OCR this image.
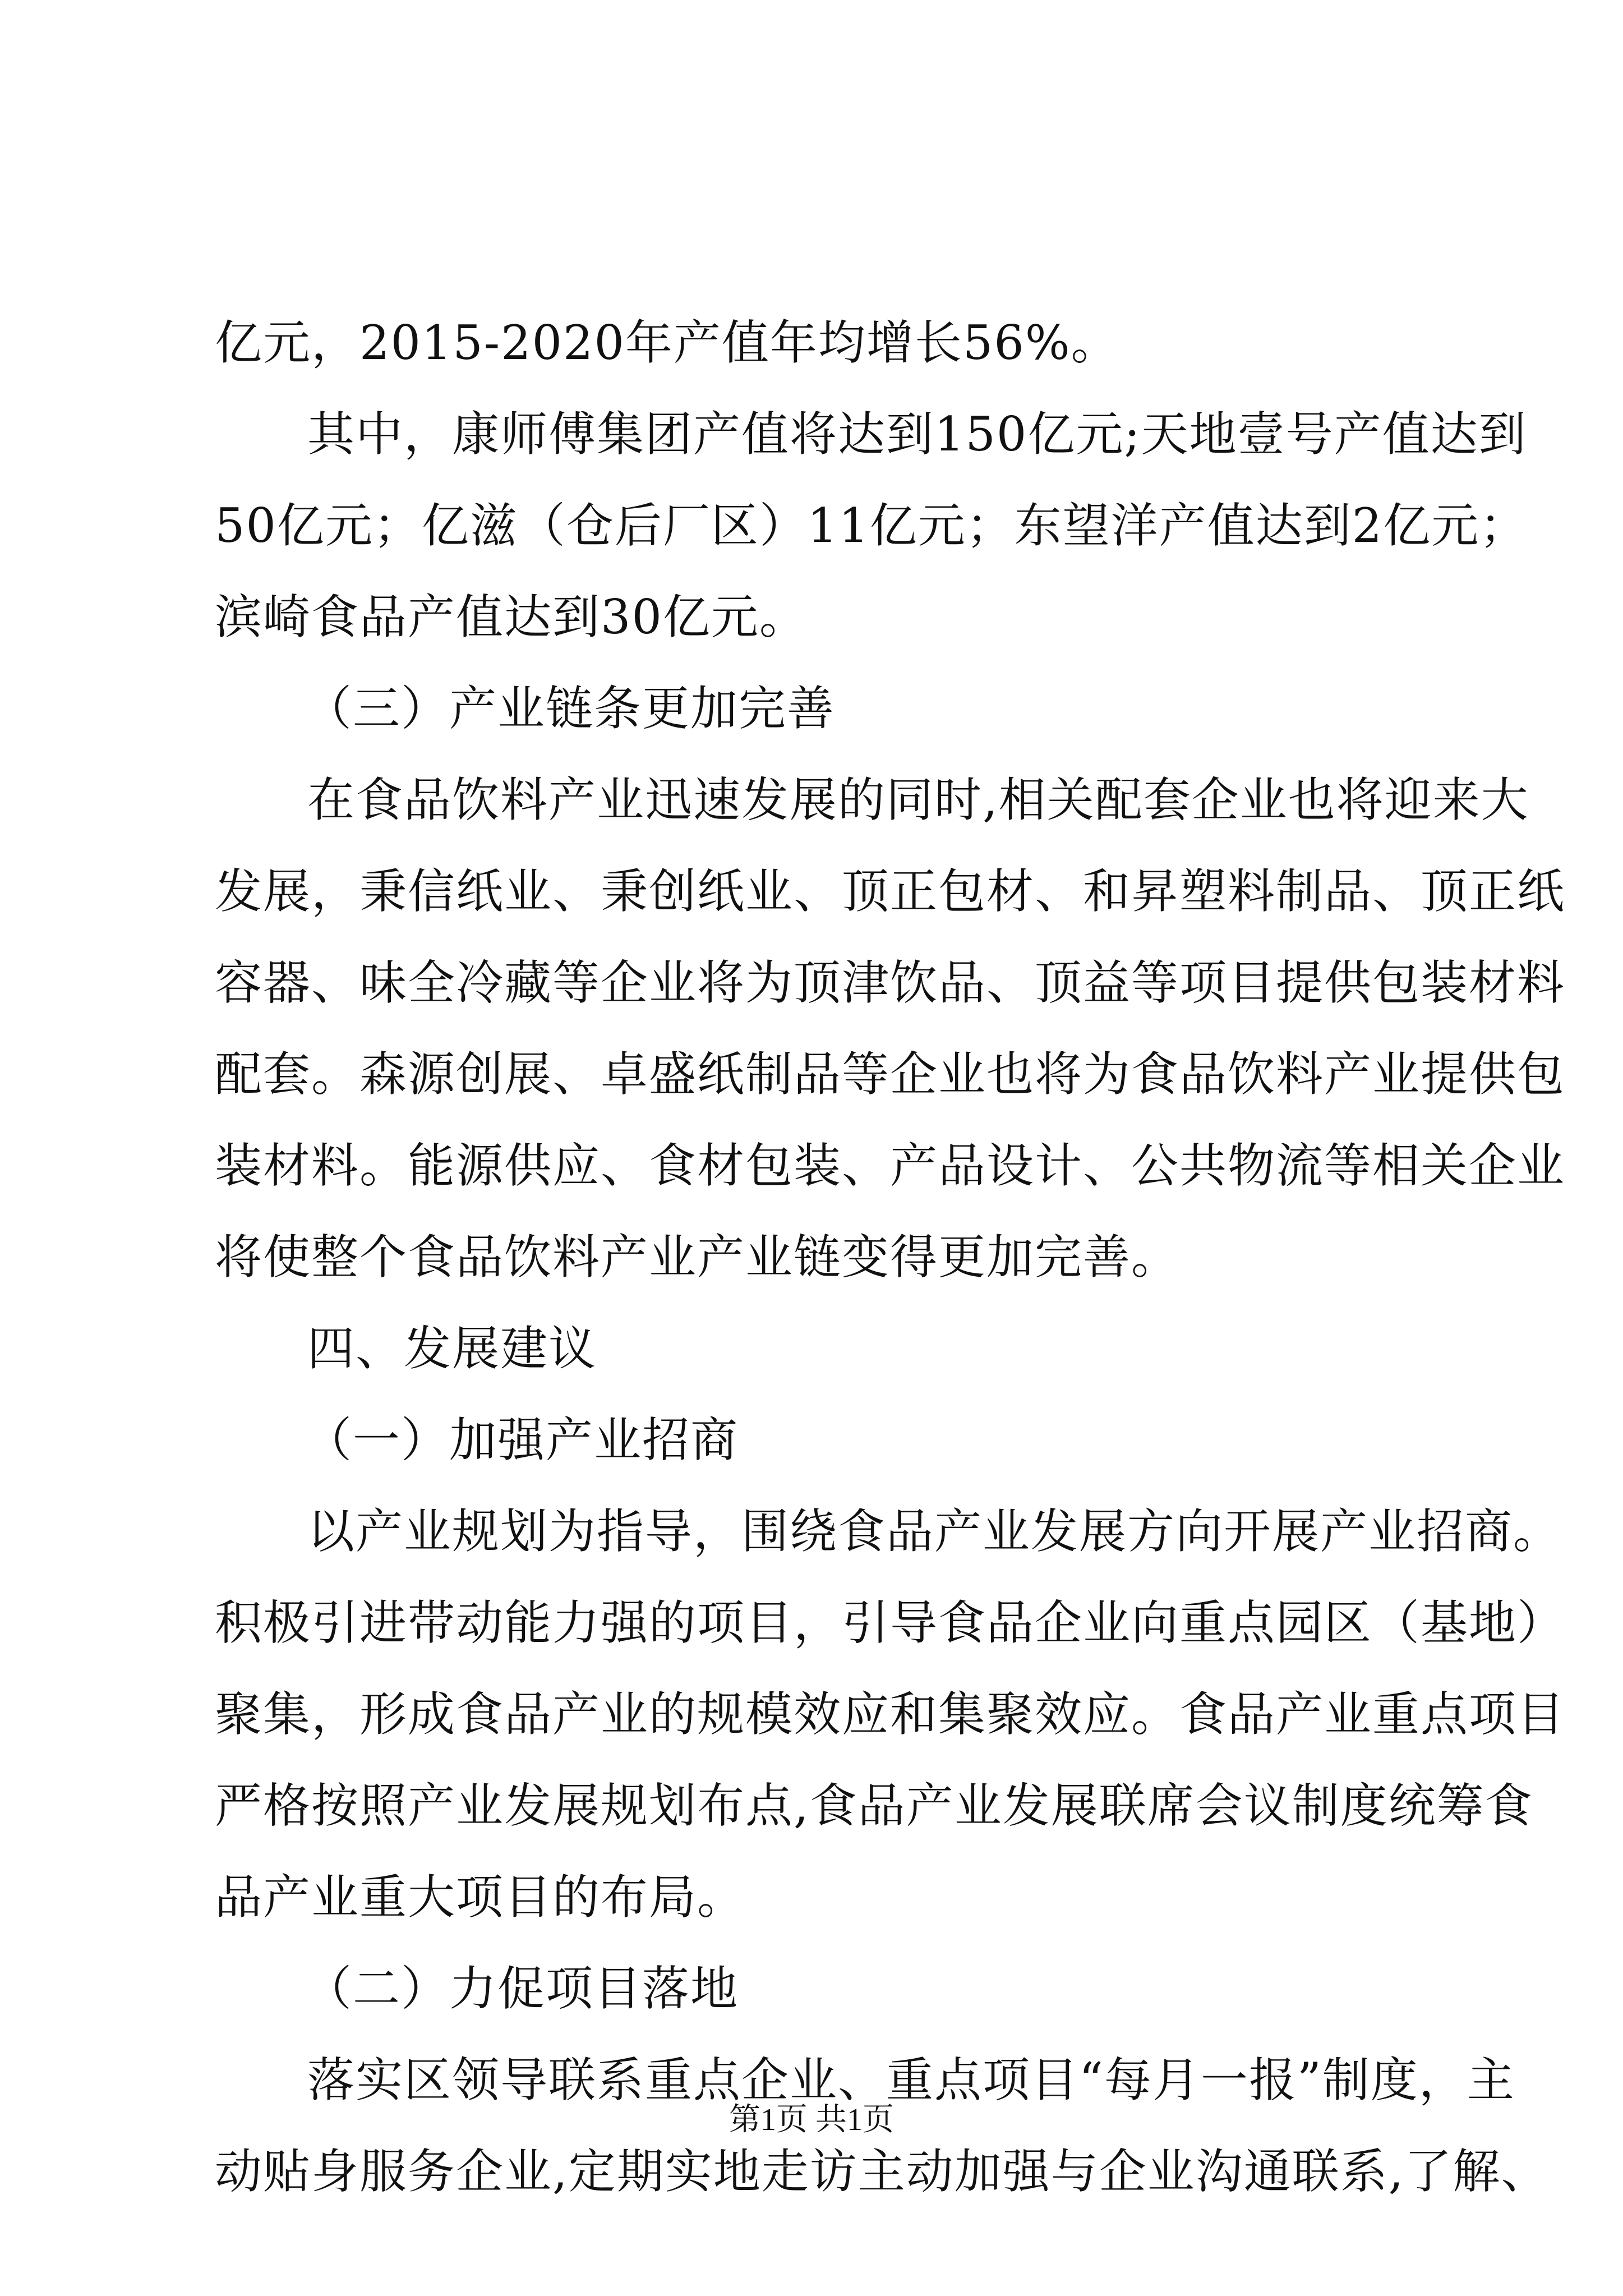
亿元，2015-2020年产值年均增长56%。
其中，康师傅集团产值将达到150亿元;天地壹号产值达到
50亿元；亿滋（仓后厂区）11亿元；东望洋产值达到2亿元；
滨崎食品产值达到30亿元。
（三）产业链条更加完善
在食品饮料产业迅速发展的同时,相关配套企业也将迎来大
发展，秉信纸业、秉创纸业、顶正包材、和昇塑料制品、顶正纸
容器、味全冷藏等企业将为顶津饮品、顶益等项目提供包装材料
配套。森源创展、卓盛纸制品等企业也将为食品饮料产业提供包
装材料。能源供应、食材包装、产品设计、公共物流等相关企业
将使整个食品饮料产业产业链变得更加完善。
四、发展建议
（一）加强产业招商
以产业规划为指导，围绕食品产业发展方向开展产业招商。
积极引进带动能力强的项目，引导食品企业向重点园区（基地）
聚集，形成食品产业的规模效应和集聚效应。食品产业重点项目
严格按照产业发展规划布点,食品产业发展联席会议制度统筹食
品产业重大项目的布局。
（二）力促项目落地
落实区领导联系重点企业、重点项目“每月一报”制度，主
动贴身服务企业,定期实地走访主动加强与企业沟通联系,了解、
第1页 共1页
